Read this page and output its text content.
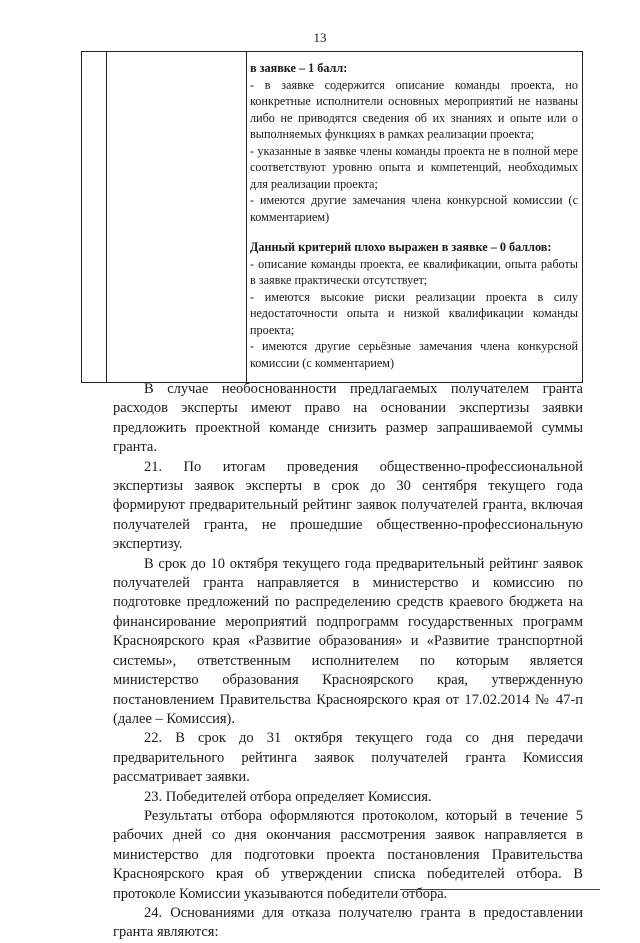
13

в заявке – 1 балл:

- в заявке содержится описание команды проекта, но конкретные исполнители основных мероприятий не названы либо не приводятся сведения об их знаниях и опыте или о выполняемых функциях в рамках реализации проекта;

- указанные в заявке члены команды проекта не в полной мере соответствуют уровню опыта и компетенций, необходимых для реализации проекта;

- имеются другие замечания члена конкурсной комиссии (с комментарием)

Данный критерий плохо выражен в заявке – 0 баллов:

- описание команды проекта, ее квалификации, опыта работы в заявке практически отсутствует;

- имеются высокие риски реализации проекта в силу недостаточности опыта и низкой квалификации команды проекта;

- имеются другие серьёзные замечания члена конкурсной комиссии (с комментарием)

В случае необоснованности предлагаемых получателем гранта расходов эксперты имеют право на основании экспертизы заявки предложить проектной команде снизить размер запрашиваемой суммы гранта.

21. По итогам проведения общественно-профессиональной экспертизы заявок эксперты в срок до 30 сентября текущего года формируют предварительный рейтинг заявок получателей гранта, включая получателей гранта, не прошедшие общественно-профессиональную экспертизу.

В срок до 10 октября текущего года предварительный рейтинг заявок получателей гранта направляется в министерство и комиссию по подготовке предложений по распределению средств краевого бюджета на финансирование мероприятий подпрограмм государственных программ Красноярского края «Развитие образования» и «Развитие транспортной системы», ответственным исполнителем по которым является министерство образования Красноярского края, утвержденную постановлением Правительства Красноярского края от 17.02.2014 № 47-п (далее – Комиссия).

22. В срок до 31 октября текущего года со дня передачи предварительного рейтинга заявок получателей гранта Комиссия рассматривает заявки.

23. Победителей отбора определяет Комиссия.

Результаты отбора оформляются протоколом, который в течение 5 рабочих дней со дня окончания рассмотрения заявок направляется в министерство для подготовки проекта постановления Правительства Красноярского края об утверждении списка победителей отбора. В протоколе Комиссии указываются победители отбора.

24. Основаниями для отказа получателю гранта в предоставлении гранта являются:
